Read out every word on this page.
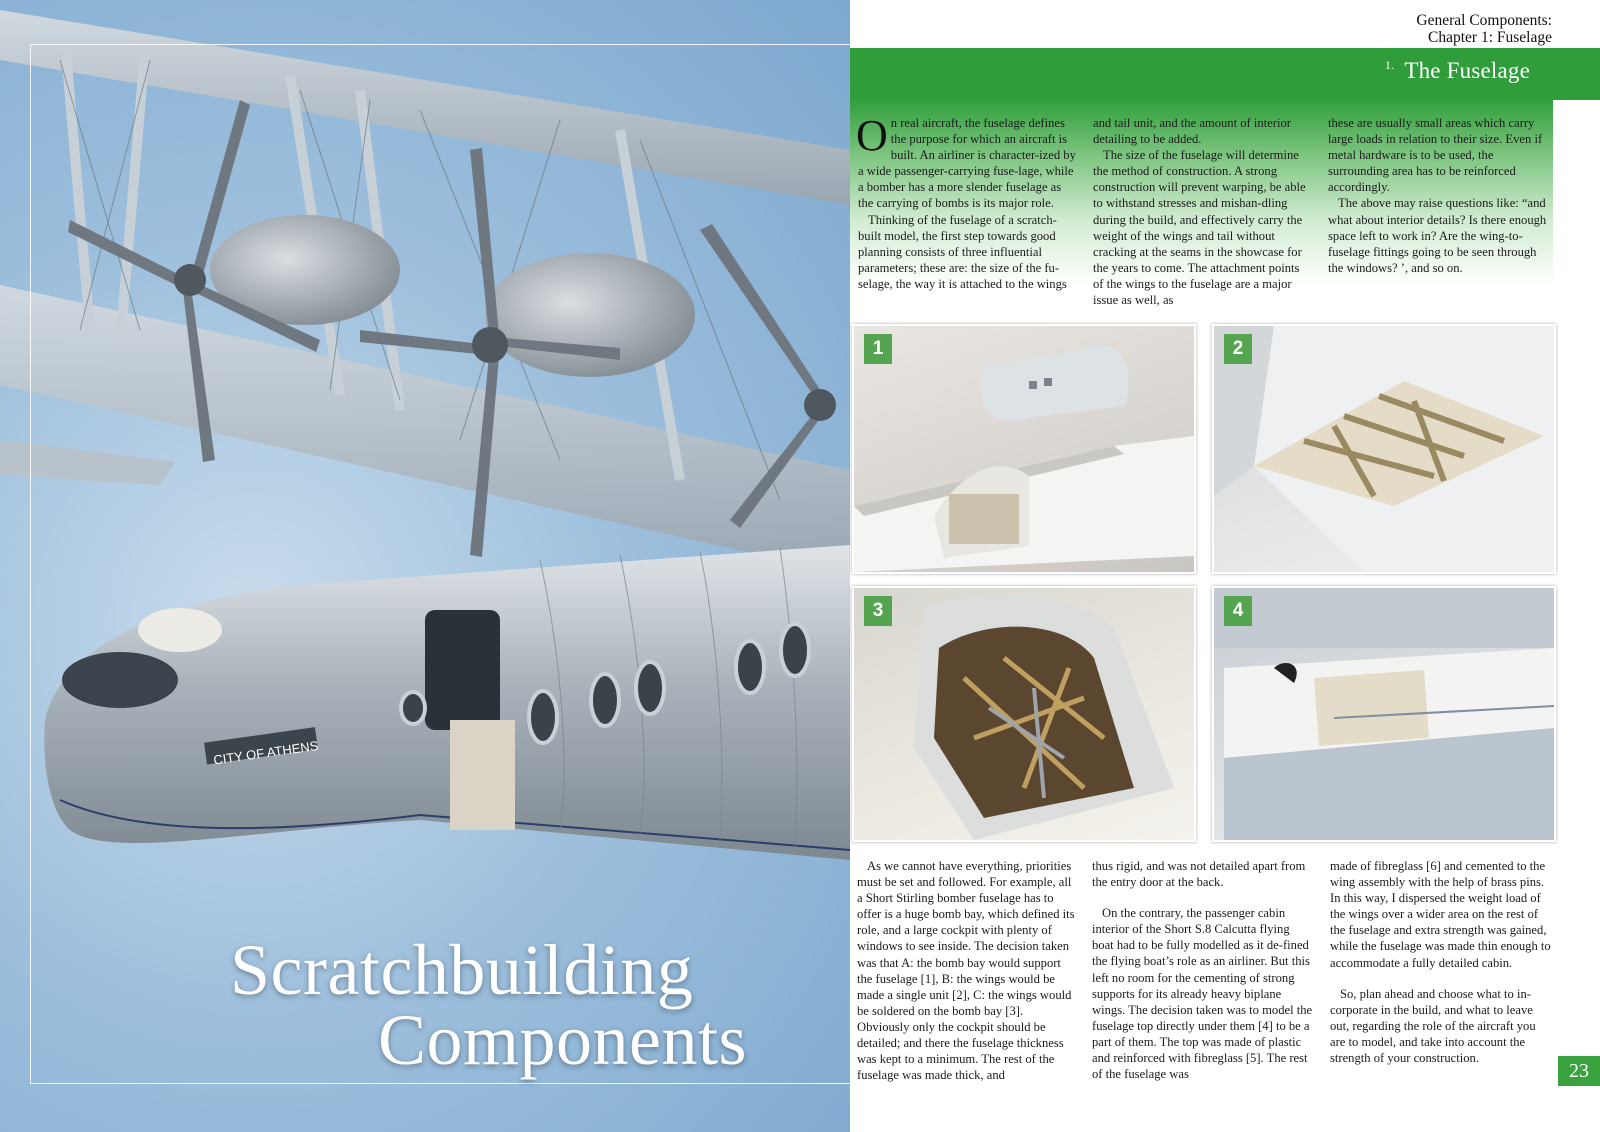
CITY OF ATHENS
General Components:
Chapter 1: Fuselage
$^{1.}$ The Fuselage

On real aircraft, the fuselage defines the purpose for which an aircraft is built. An airliner is character-ized by a wide passenger-carrying fuse-lage, while a bomber has a more slender fuselage as the carrying of bombs is its major role.

Thinking of the fuselage of a scratch-built model, the first step towards good planning consists of three influential parameters; these are: the size of the fu-selage, the way it is attached to the wings

and tail unit, and the amount of interior detailing to be added.

The size of the fuselage will determine the method of construction. A strong construction will prevent warping, be able to withstand stresses and mishan-dling during the build, and effectively carry the weight of the wings and tail without cracking at the seams in the showcase for the years to come. The attachment points of the wings to the fuselage are a major issue as well, as

these are usually small areas which carry large loads in relation to their size. Even if metal hardware is to be used, the surrounding area has to be reinforced accordingly.

The above may raise questions like: “and what about interior details? Is there enough space left to work in? Are the wing-to-fuselage fittings going to be seen through the windows? ’, and so on.

1	2
3	4

As we cannot have everything, priorities must be set and followed. For example, all a Short Stirling bomber fuselage has to offer is a huge bomb bay, which defined its role, and a large cockpit with plenty of windows to see inside. The decision taken was that A: the bomb bay would support the fuselage [1], B: the wings would be made a single unit [2], C: the wings would be soldered on the bomb bay [3]. Obviously only the cockpit should be detailed; and there the fuselage thickness was kept to a minimum. The rest of the fuselage was made thick, and

thus rigid, and was not detailed apart from the entry door at the back.

On the contrary, the passenger cabin interior of the Short S.8 Calcutta flying boat had to be fully modelled as it de-fined the flying boat’s role as an airliner. But this left no room for the cementing of strong supports for its already heavy biplane wings. The decision taken was to model the fuselage top directly under them [4] to be a part of them. The top was made of plastic and reinforced with fibreglass [5]. The rest of the fuselage was

made of fibreglass [6] and cemented to the wing assembly with the help of brass pins. In this way, I dispersed the weight load of the wings over a wider area on the rest of the fuselage and extra strength was gained, while the fuselage was made thin enough to accommodate a fully detailed cabin.

So, plan ahead and choose what to in-corporate in the build, and what to leave out, regarding the role of the aircraft you are to model, and take into account the strength of your construction.

Scratchbuilding
Components	23
